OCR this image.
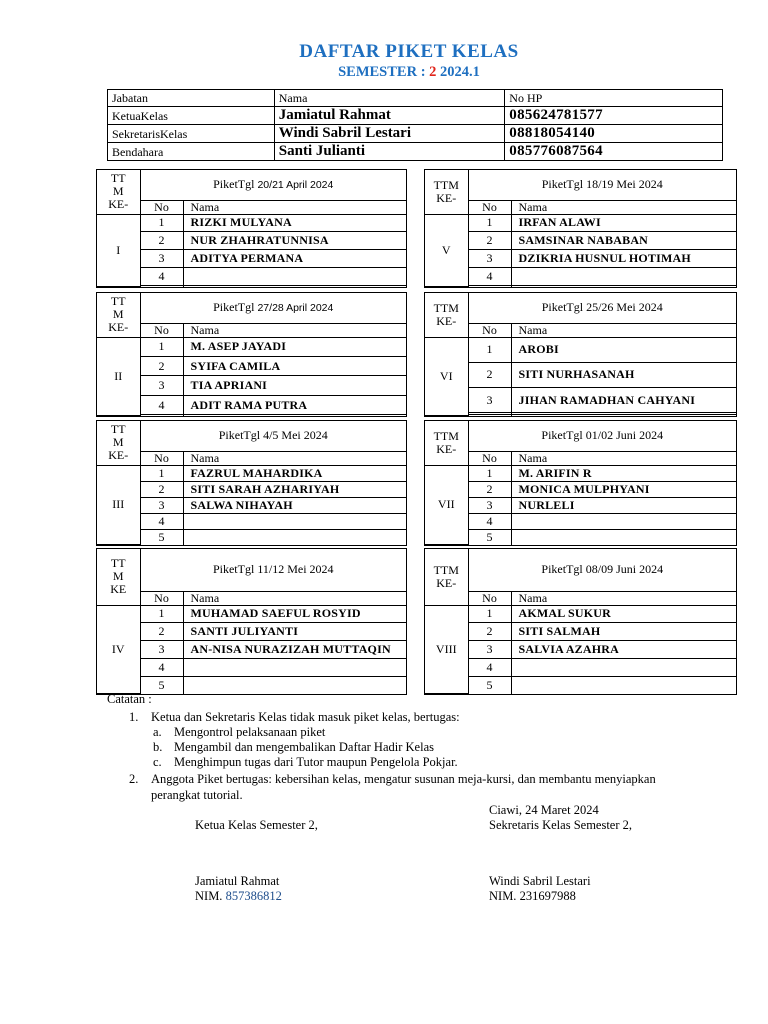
DAFTAR PIKET KELAS
SEMESTER : 2 2024.1
Jabatan	Nama	No HP
KetuaKelas	Jamiatul Rahmat	085624781577
SekretarisKelas	Windi Sabril Lestari	08818054140
Bendahara	Santi Julianti	085776087564
TT
M
KE-	PiketTgl 20/21 April 2024	
	No	Nama
I	1	RIZKI MULYANA
	2	NUR ZHAHRATUNNISA
	3	ADITYA PERMANA
	4	

TTM
KE-	PiketTgl 18/19 Mei 2024	
	No	Nama
V	1	IRFAN ALAWI
	2	SAMSINAR NABABAN
	3	DZIKRIA HUSNUL HOTIMAH
	4	

TT
M
KE-	PiketTgl 27/28 April 2024	
	No	Nama
II	1	M. ASEP JAYADI
	2	SYIFA CAMILA
	3	TIA APRIANI
	4	ADIT RAMA PUTRA

TTM
KE-	PiketTgl 25/26 Mei 2024	
	No	Nama
VI	1	AROBI
	2	SITI NURHASANAH
	3	JIHAN RAMADHAN CAHYANI

TT
M
KE-	PiketTgl 4/5 Mei 2024	
	No	Nama
III	1	FAZRUL MAHARDIKA
	2	SITI SARAH AZHARIYAH
	3	SALWA NIHAYAH
	4	
	5	
TTM
KE-	PiketTgl 01/02 Juni 2024	
	No	Nama
VII	1	M. ARIFIN R
	2	MONICA MULPHYANI
	3	NURLELI
	4	
	5	
TT
M
KE	PiketTgl 11/12 Mei 2024	
	No	Nama
IV	1	MUHAMAD SAEFUL ROSYID
	2	SANTI JULIYANTI
	3	AN-NISA NURAZIZAH MUTTAQIN
	4	
	5	
TTM
KE-	PiketTgl 08/09 Juni 2024	
	No	Nama
VIII	1	AKMAL SUKUR
	2	SITI SALMAH
	3	SALVIA AZAHRA
	4	
	5	
Catatan :
1. Ketua dan Sekretaris Kelas tidak masuk piket kelas, bertugas:
a. Mengontrol pelaksanaan piket
b. Mengambil dan mengembalikan Daftar Hadir Kelas
c. Menghimpun tugas dari Tutor maupun Pengelola Pokjar.
2. Anggota Piket bertugas: kebersihan kelas, mengatur susunan meja-kursi, dan membantu menyiapkan
perangkat tutorial.
Ciawi, 24 Maret 2024
Ketua Kelas Semester 2,	Sekretaris Kelas Semester 2,
Jamiatul Rahmat	Windi Sabril Lestari
NIM. 857386812	NIM. 231697988
